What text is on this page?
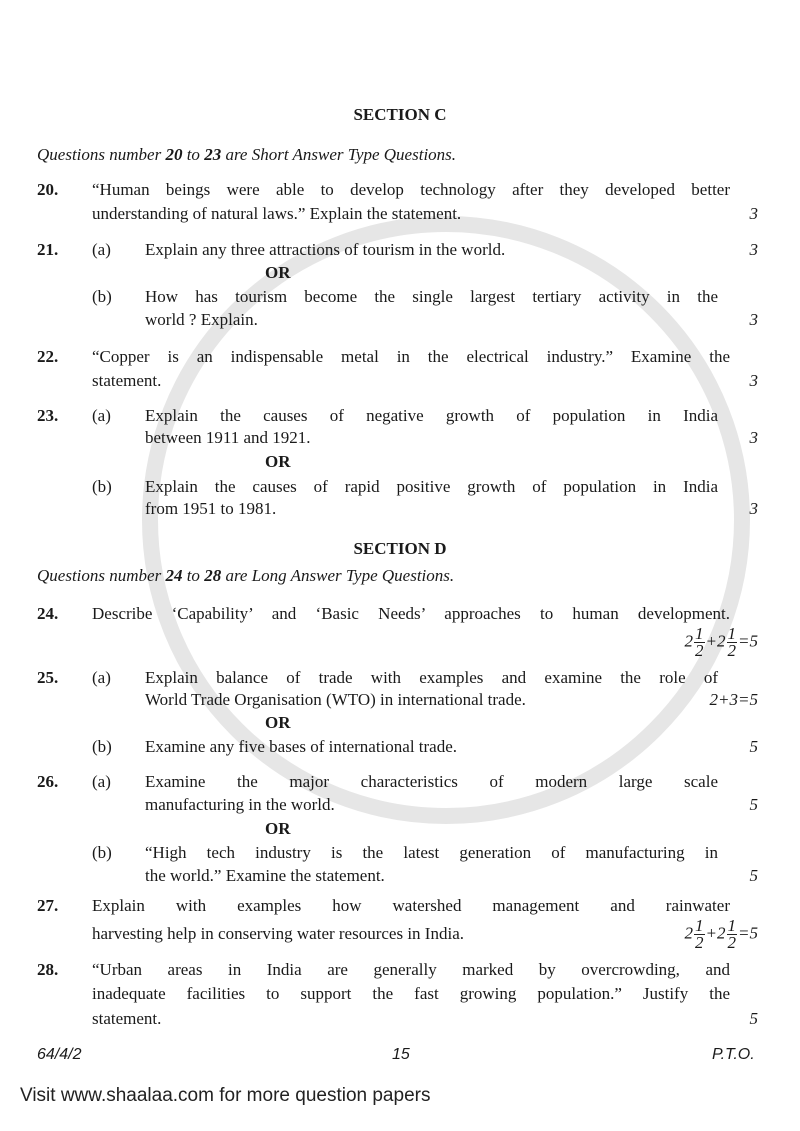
SECTION C
Questions number 20 to 23 are Short Answer Type Questions.
20. “Human beings were able to develop technology after they developed better
understanding of natural laws.” Explain the statement.	3
21. (a) Explain any three attractions of tourism in the world.	3
OR
(b) How has tourism become the single largest tertiary activity in the
world ? Explain.	3
22. “Copper is an indispensable metal in the electrical industry.” Examine the
statement.	3
23. (a) Explain the causes of negative growth of population in India
between 1911 and 1921.	3
OR
(b) Explain the causes of rapid positive growth of population in India
from 1951 to 1981.	3
SECTION D
Questions number 24 to 28 are Long Answer Type Questions.
24. Describe ‘Capability’ and ‘Basic Needs’ approaches to human development.
$2 \frac{1}{2} +2 \frac{1}{2} =5$
25. (a) Explain balance of trade with examples and examine the role of
World Trade Organisation (WTO) in international trade.	2+3=5
OR
(b) Examine any five bases of international trade.	5
26. (a) Examine the major characteristics of modern large scale
manufacturing in the world.	5
OR
(b) “High tech industry is the latest generation of manufacturing in
the world.” Examine the statement.	5
27. Explain with examples how watershed management and rainwater
harvesting help in conserving water resources in India.	$2 \frac{1}{2} +2 \frac{1}{2} =5$
28. “Urban areas in India are generally marked by overcrowding, and
inadequate facilities to support the fast growing population.” Justify the
statement.	5
64/4/2	15	P.T.O.
Visit www.shaalaa.com for more question papers
